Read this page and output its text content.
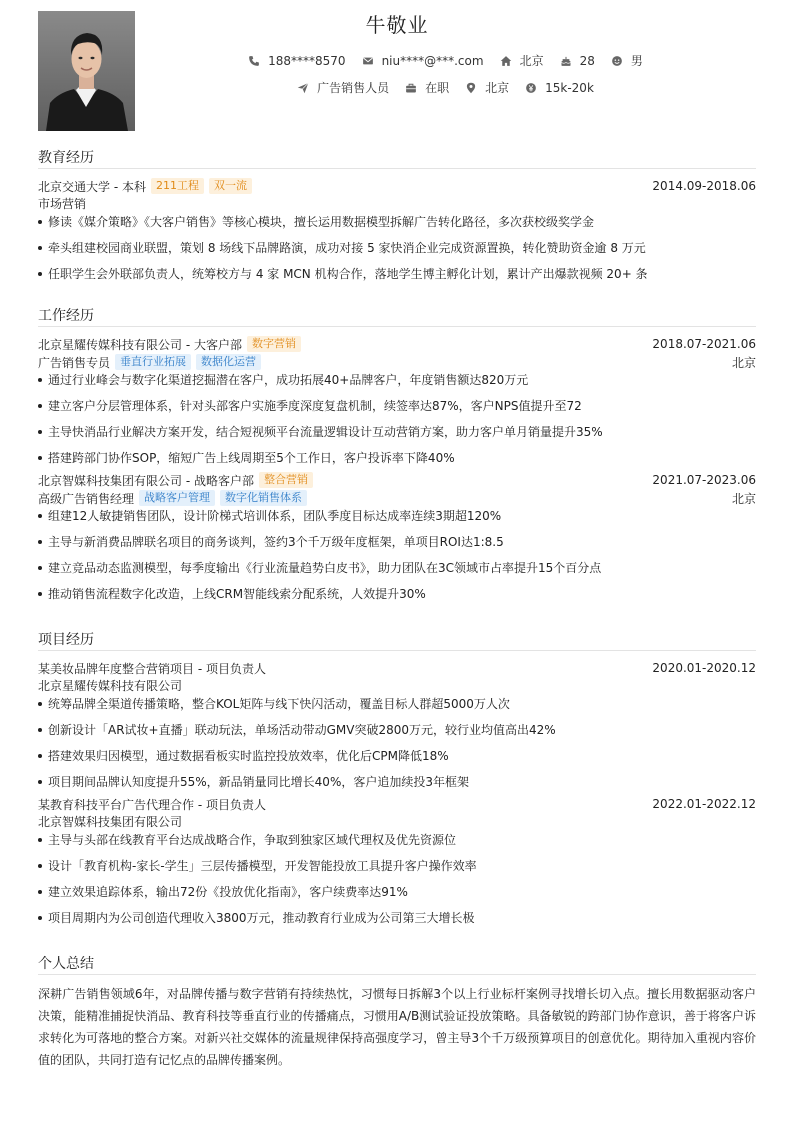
牛敬业
188****8570	niu****@***.com	北京	28	男
广告销售人员	在职	北京	15k-20k
教育经历
北京交通大学 - 本科 211工程	双一流	2014.09-2018.06
市场营销
修读《媒介策略》《大客户销售》等核心模块，擅长运用数据模型拆解广告转化路径，多次获校级奖学金
牵头组建校园商业联盟，策划 8 场线下品牌路演，成功对接 5 家快消企业完成资源置换，转化赞助资金逾 8 万元
任职学生会外联部负责人，统筹校方与 4 家 MCN 机构合作，落地学生博主孵化计划，累计产出爆款视频 20+ 条
工作经历
北京星耀传媒科技有限公司 - 大客户部 数字营销	2018.07-2021.06
广告销售专员 垂直行业拓展	数据化运营	北京
通过行业峰会与数字化渠道挖掘潜在客户，成功拓展40+品牌客户，年度销售额达820万元
建立客户分层管理体系，针对头部客户实施季度深度复盘机制，续签率达87%，客户NPS值提升至72
主导快消品行业解决方案开发，结合短视频平台流量逻辑设计互动营销方案，助力客户单月销量提升35%
搭建跨部门协作SOP，缩短广告上线周期至5个工作日，客户投诉率下降40%
北京智媒科技集团有限公司 - 战略客户部 整合营销	2021.07-2023.06
高级广告销售经理 战略客户管理	数字化销售体系	北京
组建12人敏捷销售团队，设计阶梯式培训体系，团队季度目标达成率连续3期超120%
主导与新消费品牌联名项目的商务谈判，签约3个千万级年度框架，单项目ROI达1:8.5
建立竞品动态监测模型，每季度输出《行业流量趋势白皮书》，助力团队在3C领域市占率提升15个百分点
推动销售流程数字化改造，上线CRM智能线索分配系统，人效提升30%
项目经历
某美妆品牌年度整合营销项目 - 项目负责人	2020.01-2020.12
北京星耀传媒科技有限公司
统筹品牌全渠道传播策略，整合KOL矩阵与线下快闪活动，覆盖目标人群超5000万人次
创新设计「AR试妆+直播」联动玩法，单场活动带动GMV突破2800万元，较行业均值高出42%
搭建效果归因模型，通过数据看板实时监控投放效率，优化后CPM降低18%
项目期间品牌认知度提升55%，新品销量同比增长40%，客户追加续投3年框架
某教育科技平台广告代理合作 - 项目负责人	2022.01-2022.12
北京智媒科技集团有限公司
主导与头部在线教育平台达成战略合作，争取到独家区域代理权及优先资源位
设计「教育机构-家长-学生」三层传播模型，开发智能投放工具提升客户操作效率
建立效果追踪体系，输出72份《投放优化指南》，客户续费率达91%
项目周期内为公司创造代理收入3800万元，推动教育行业成为公司第三大增长极
个人总结
深耕广告销售领域6年，对品牌传播与数字营销有持续热忱，习惯每日拆解3个以上行业标杆案例寻找增长切入点。擅长用数据驱动客户决策，能精准捕捉快消品、教育科技等垂直行业的传播痛点，习惯用A/B测试验证投放策略。具备敏锐的跨部门协作意识，善于将客户诉求转化为可落地的整合方案。对新兴社交媒体的流量规律保持高强度学习，曾主导3个千万级预算项目的创意优化。期待加入重视内容价值的团队，共同打造有记忆点的品牌传播案例。
